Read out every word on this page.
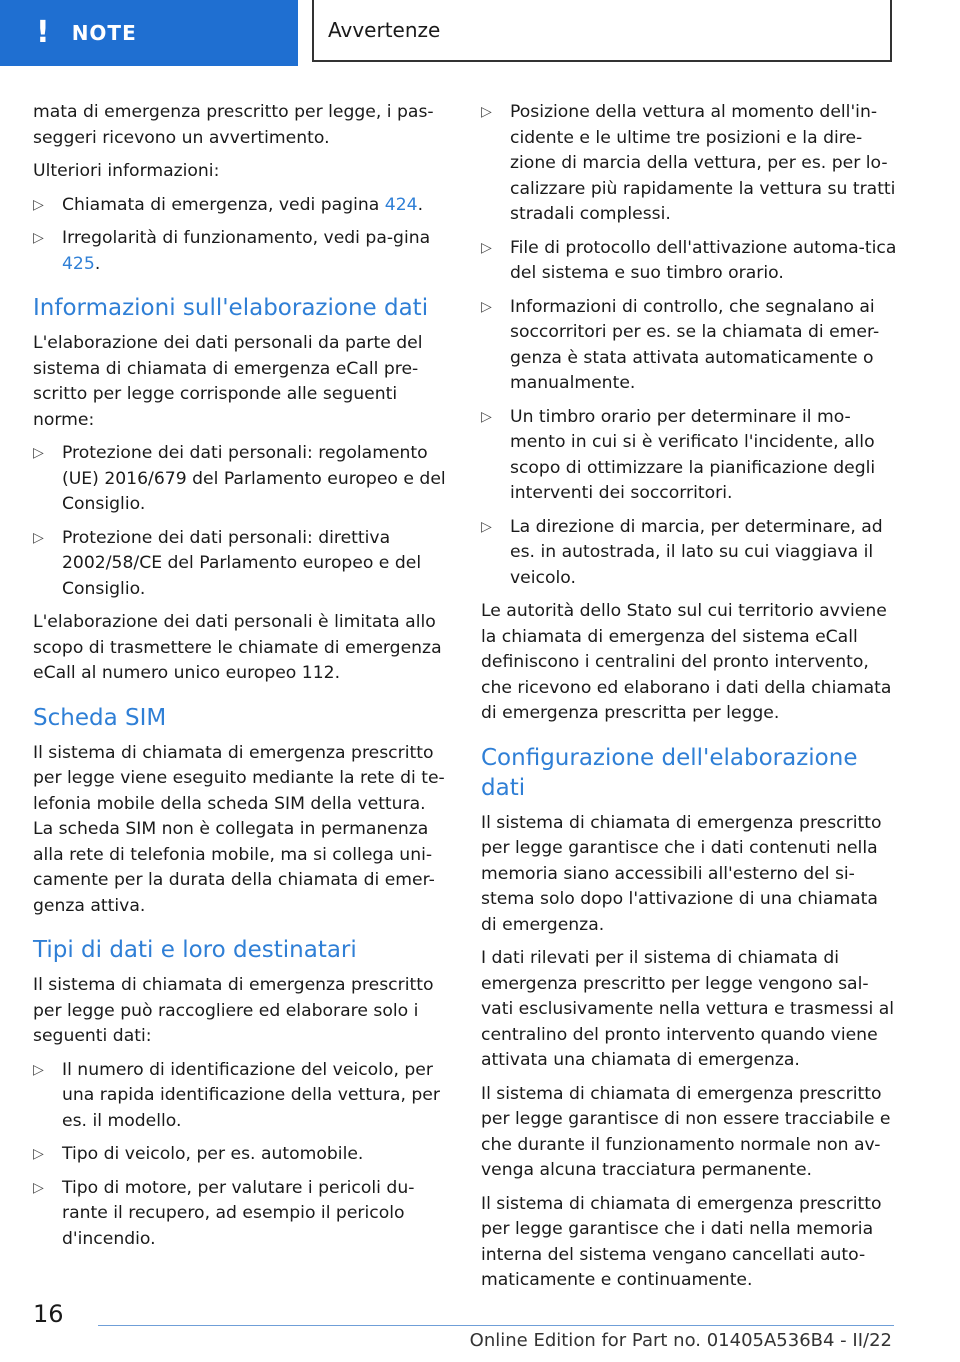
! NOTE	Avvertenze

mata di emergenza prescritto per legge, i pas-seggeri ricevono un avvertimento.

Ulteriori informazioni:

▷ Chiamata di emergenza, vedi pagina 424.
▷ Irregolarità di funzionamento, vedi pa-gina 425.
Informazioni sull'elaborazione dati

L'elaborazione dei dati personali da parte del sistema di chiamata di emergenza eCall pre-scritto per legge corrisponde alle seguenti norme:

▷ Protezione dei dati personali: regolamento (UE) 2016/679 del Parlamento europeo e del Consiglio.
▷ Protezione dei dati personali: direttiva 2002/58/CE del Parlamento europeo e del Consiglio.

L'elaborazione dei dati personali è limitata allo scopo di trasmettere le chiamate di emergenza eCall al numero unico europeo 112.

Scheda SIM

Il sistema di chiamata di emergenza prescritto per legge viene eseguito mediante la rete di te-lefonia mobile della scheda SIM della vettura. La scheda SIM non è collegata in permanenza alla rete di telefonia mobile, ma si collega uni-camente per la durata della chiamata di emer-genza attiva.

Tipi di dati e loro destinatari

Il sistema di chiamata di emergenza prescritto per legge può raccogliere ed elaborare solo i seguenti dati:

▷ Il numero di identificazione del veicolo, per una rapida identificazione della vettura, per es. il modello.
▷ Tipo di veicolo, per es. automobile.
▷ Tipo di motore, per valutare i pericoli du-rante il recupero, ad esempio il pericolo d'incendio.
▷ Posizione della vettura al momento dell'in-cidente e le ultime tre posizioni e la dire-zione di marcia della vettura, per es. per lo-calizzare più rapidamente la vettura su tratti stradali complessi.
▷ File di protocollo dell'attivazione automa-tica del sistema e suo timbro orario.
▷ Informazioni di controllo, che segnalano ai soccorritori per es. se la chiamata di emer-genza è stata attivata automaticamente o manualmente.
▷ Un timbro orario per determinare il mo-mento in cui si è verificato l'incidente, allo scopo di ottimizzare la pianificazione degli interventi dei soccorritori.
▷ La direzione di marcia, per determinare, ad es. in autostrada, il lato su cui viaggiava il veicolo.

Le autorità dello Stato sul cui territorio avviene la chiamata di emergenza del sistema eCall definiscono i centralini del pronto intervento, che ricevono ed elaborano i dati della chiamata di emergenza prescritta per legge.

Configurazione dell'elaborazione dati

Il sistema di chiamata di emergenza prescritto per legge garantisce che i dati contenuti nella memoria siano accessibili all'esterno del si-stema solo dopo l'attivazione di una chiamata di emergenza.

I dati rilevati per il sistema di chiamata di emergenza prescritto per legge vengono sal-vati esclusivamente nella vettura e trasmessi al centralino del pronto intervento quando viene attivata una chiamata di emergenza.

Il sistema di chiamata di emergenza prescritto per legge garantisce di non essere tracciabile e che durante il funzionamento normale non av-venga alcuna tracciatura permanente.

Il sistema di chiamata di emergenza prescritto per legge garantisce che i dati nella memoria interna del sistema vengano cancellati auto-maticamente e continuamente.

16
Online Edition for Part no. 01405A536B4 - II/22
